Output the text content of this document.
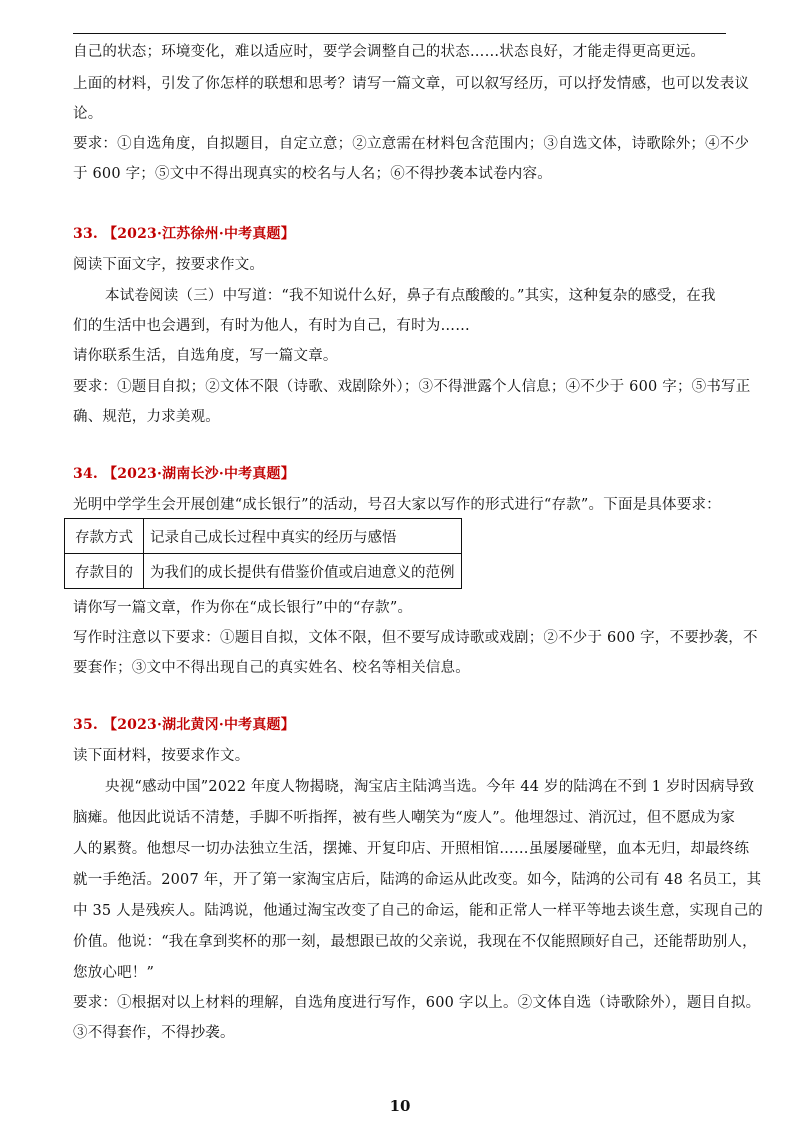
自己的状态；环境变化，难以适应时，要学会调整自己的状态……状态良好，才能走得更高更远。
上面的材料，引发了你怎样的联想和思考？请写一篇文章，可以叙写经历，可以抒发情感，也可以发表议
论。
要求：①自选角度，自拟题目，自定立意；②立意需在材料包含范围内；③自选文体，诗歌除外；④不少
于 600 字；⑤文中不得出现真实的校名与人名；⑥不得抄袭本试卷内容。
33. 【2023·江苏徐州·中考真题】
阅读下面文字，按要求作文。
本试卷阅读（三）中写道：“我不知说什么好，鼻子有点酸酸的。”其实，这种复杂的感受，在我
们的生活中也会遇到，有时为他人，有时为自己，有时为……
请你联系生活，自选角度，写一篇文章。
要求：①题目自拟；②文体不限（诗歌、戏剧除外）；③不得泄露个人信息；④不少于 600 字；⑤书写正
确、规范，力求美观。
34. 【2023·湖南长沙·中考真题】
光明中学学生会开展创建“成长银行”的活动，号召大家以写作的形式进行“存款”。下面是具体要求：
存款方式	记录自己成长过程中真实的经历与感悟
存款目的	为我们的成长提供有借鉴价值或启迪意义的范例
请你写一篇文章，作为你在“成长银行”中的“存款”。
写作时注意以下要求：①题目自拟，文体不限，但不要写成诗歌或戏剧；②不少于 600 字，不要抄袭，不
要套作；③文中不得出现自己的真实姓名、校名等相关信息。
35. 【2023·湖北黄冈·中考真题】
读下面材料，按要求作文。
央视“感动中国”2022 年度人物揭晓，淘宝店主陆鸿当选。今年 44 岁的陆鸿在不到 1 岁时因病导致
脑瘫。他因此说话不清楚，手脚不听指挥，被有些人嘲笑为“废人”。他埋怨过、消沉过，但不愿成为家
人的累赘。他想尽一切办法独立生活，摆摊、开复印店、开照相馆……虽屡屡碰壁，血本无归，却最终练
就一手绝活。2007 年，开了第一家淘宝店后，陆鸿的命运从此改变。如今，陆鸿的公司有 48 名员工，其
中 35 人是残疾人。陆鸿说，他通过淘宝改变了自己的命运，能和正常人一样平等地去谈生意，实现自己的
价值。他说：“我在拿到奖杯的那一刻，最想跟已故的父亲说，我现在不仅能照顾好自己，还能帮助别人，
您放心吧！”
要求：①根据对以上材料的理解，自选角度进行写作，600 字以上。②文体自选（诗歌除外），题目自拟。
③不得套作，不得抄袭。
10
